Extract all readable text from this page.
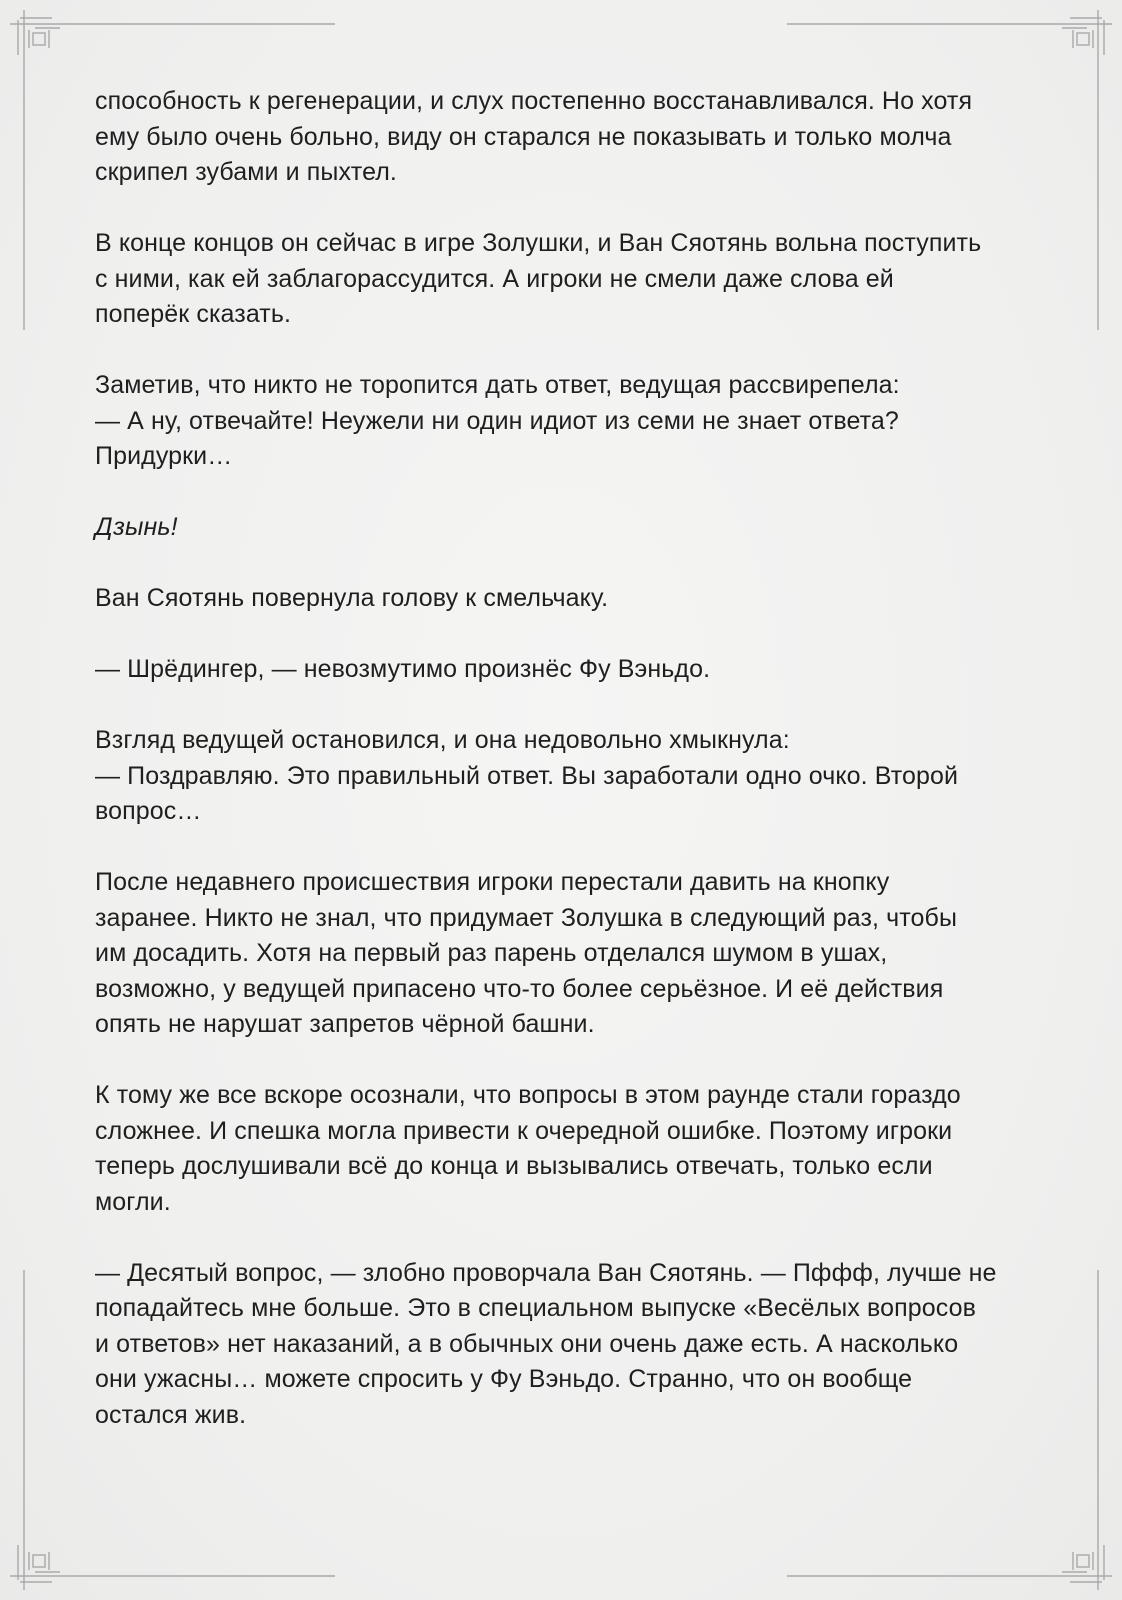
способность к регенерации, и слух постепенно восстанавливался. Но хотя
ему было очень больно, виду он старался не показывать и только молча
скрипел зубами и пыхтел.

В конце концов он сейчас в игре Золушки, и Ван Сяотянь вольна поступить
с ними, как ей заблагорассудится. А игроки не смели даже слова ей
поперёк сказать.

Заметив, что никто не торопится дать ответ, ведущая рассвирепела:
— А ну, отвечайте! Неужели ни один идиот из семи не знает ответа?
Придурки…

Дзынь!

Ван Сяотянь повернула голову к смельчаку.

— Шрёдингер, — невозмутимо произнёс Фу Вэньдо.

Взгляд ведущей остановился, и она недовольно хмыкнула:
— Поздравляю. Это правильный ответ. Вы заработали одно очко. Второй
вопрос…

После недавнего происшествия игроки перестали давить на кнопку
заранее. Никто не знал, что придумает Золушка в следующий раз, чтобы
им досадить. Хотя на первый раз парень отделался шумом в ушах,
возможно, у ведущей припасено что-то более серьёзное. И её действия
опять не нарушат запретов чёрной башни.

К тому же все вскоре осознали, что вопросы в этом раунде стали гораздо
сложнее. И спешка могла привести к очередной ошибке. Поэтому игроки
теперь дослушивали всё до конца и вызывались отвечать, только если
могли.

— Десятый вопрос, — злобно проворчала Ван Сяотянь. — Пффф, лучше не
попадайтесь мне больше. Это в специальном выпуске «Весёлых вопросов
и ответов» нет наказаний, а в обычных они очень даже есть. А насколько
они ужасны… можете спросить у Фу Вэньдо. Странно, что он вообще
остался жив.
